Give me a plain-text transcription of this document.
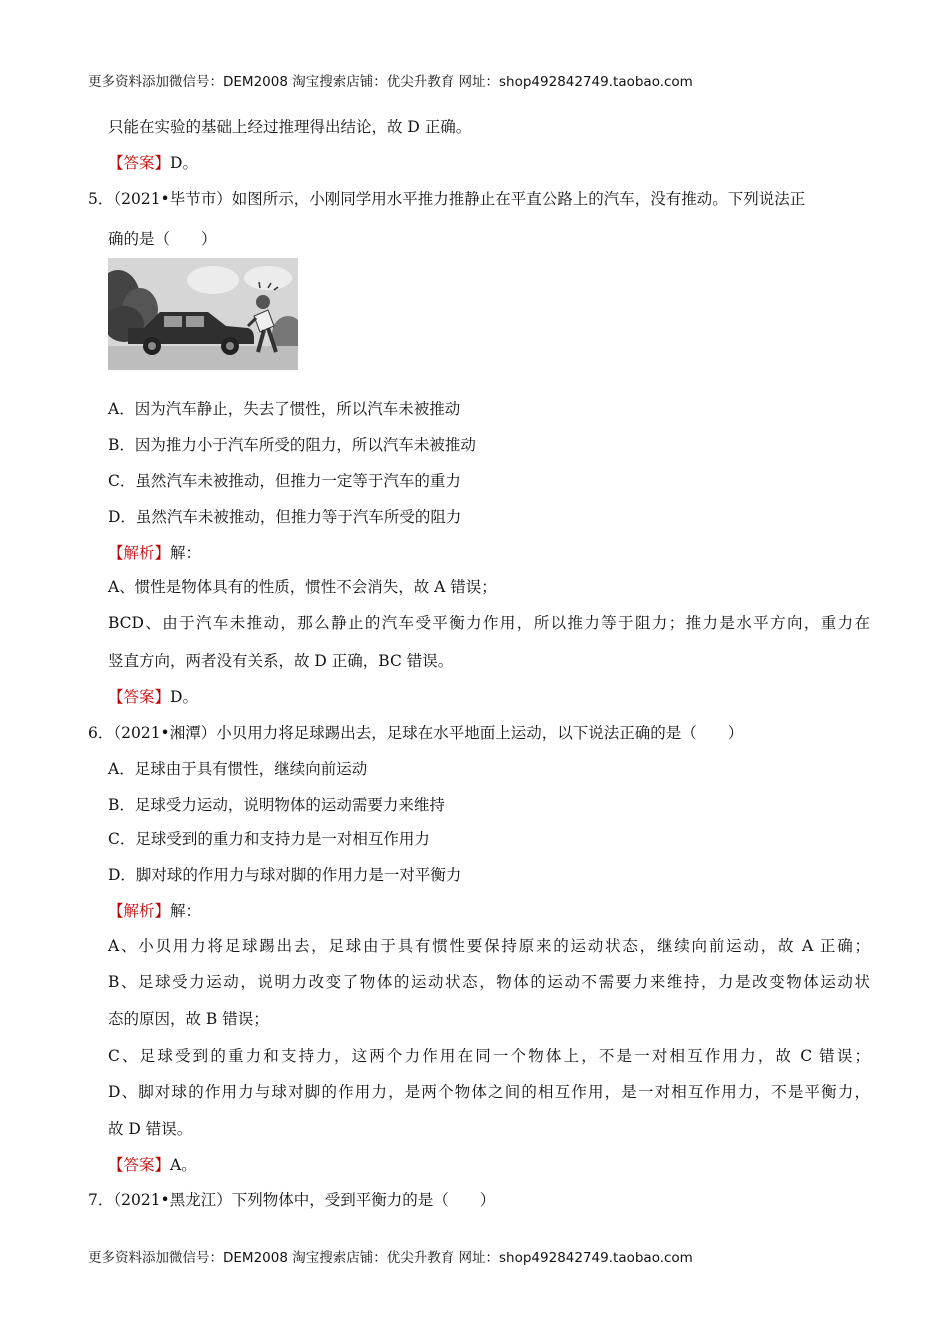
更多资料添加微信号：DEM2008 淘宝搜索店铺：优尖升教育 网址：shop492842749.taobao.com
只能在实验的基础上经过推理得出结论，故 D 正确。
【答案】D。
5．（2021•毕节市）如图所示，小刚同学用水平推力推静止在平直公路上的汽车，没有推动。下列说法正
确的是（　　）
A．因为汽车静止，失去了惯性，所以汽车未被推动
B．因为推力小于汽车所受的阻力，所以汽车未被推动
C．虽然汽车未被推动，但推力一定等于汽车的重力
D．虽然汽车未被推动，但推力等于汽车所受的阻力
【解析】解：
A、惯性是物体具有的性质，惯性不会消失，故 A 错误；
BCD、由于汽车未推动，那么静止的汽车受平衡力作用，所以推力等于阻力；推力是水平方向，重力在
竖直方向，两者没有关系，故 D 正确，BC 错误。
【答案】D。
6．（2021•湘潭）小贝用力将足球踢出去，足球在水平地面上运动，以下说法正确的是（　　）
A．足球由于具有惯性，继续向前运动
B．足球受力运动，说明物体的运动需要力来维持
C．足球受到的重力和支持力是一对相互作用力
D．脚对球的作用力与球对脚的作用力是一对平衡力
【解析】解：
A、小贝用力将足球踢出去，足球由于具有惯性要保持原来的运动状态，继续向前运动，故 A 正确；
B、足球受力运动，说明力改变了物体的运动状态，物体的运动不需要力来维持，力是改变物体运动状
态的原因，故 B 错误；
C、足球受到的重力和支持力，这两个力作用在同一个物体上，不是一对相互作用力，故 C 错误；
D、脚对球的作用力与球对脚的作用力，是两个物体之间的相互作用，是一对相互作用力，不是平衡力，
故 D 错误。
【答案】A。
7．（2021•黑龙江）下列物体中，受到平衡力的是（　　）
更多资料添加微信号：DEM2008 淘宝搜索店铺：优尖升教育 网址：shop492842749.taobao.com
